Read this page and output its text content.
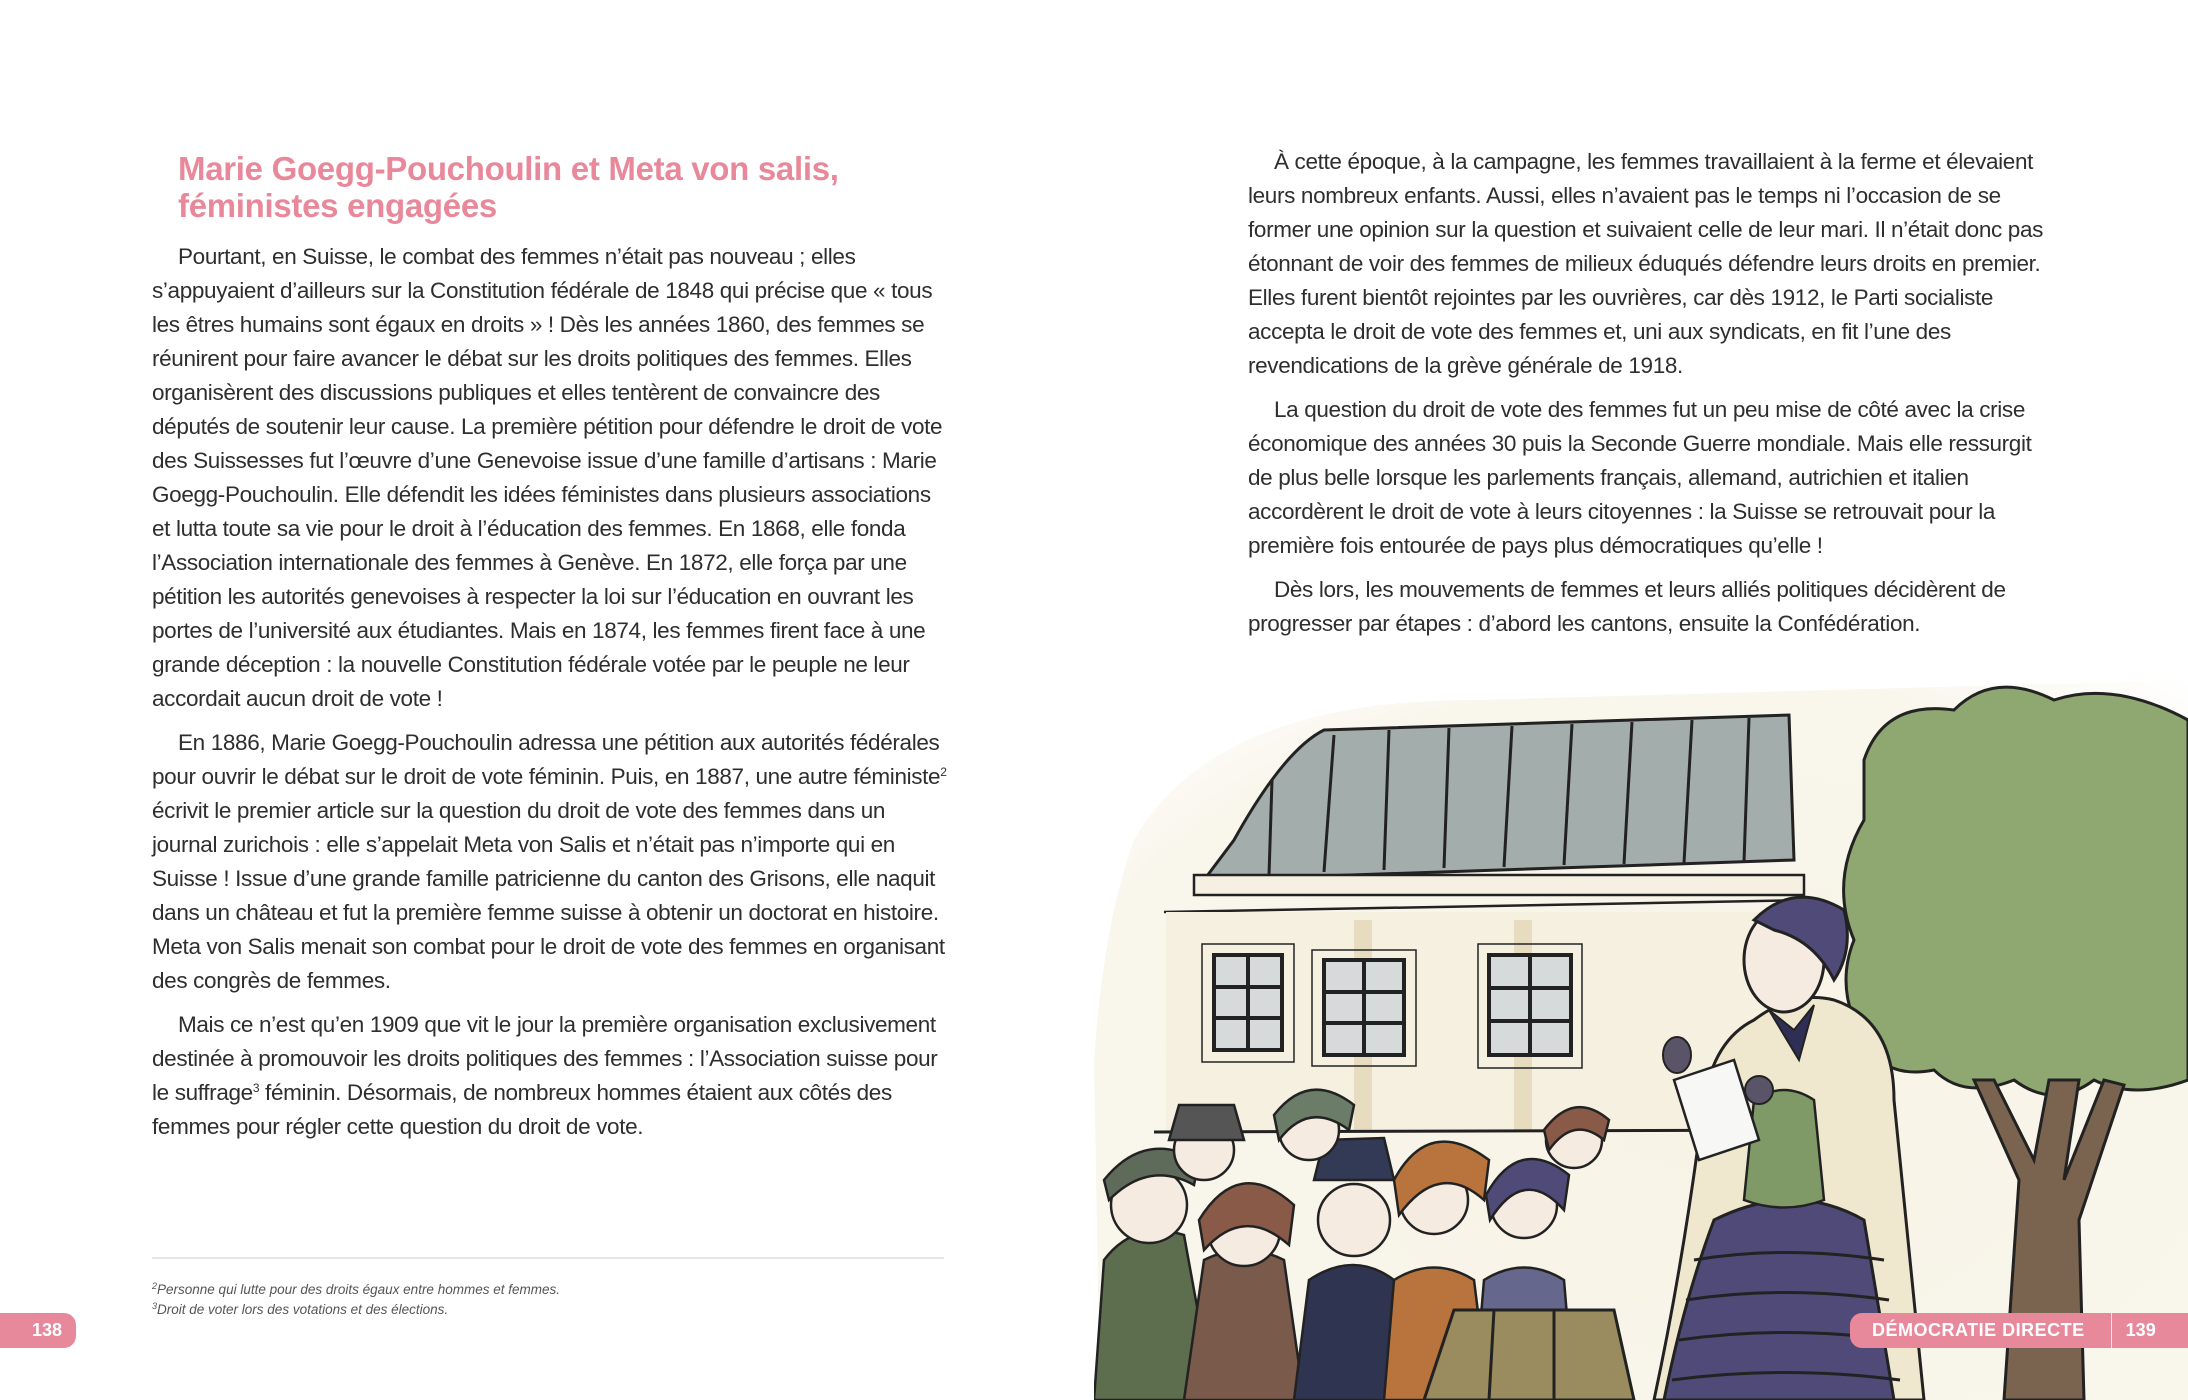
Marie Goegg-Pouchoulin et Meta von salis, féministes engagées

Pourtant, en Suisse, le combat des femmes n’était pas nouveau ; elles s’appuyaient d’ailleurs sur la Constitution fédérale de 1848 qui précise que « tous les êtres humains sont égaux en droits » ! Dès les années 1860, des femmes se réunirent pour faire avancer le débat sur les droits politiques des femmes. Elles organisèrent des discussions publiques et elles tentèrent de convaincre des députés de soutenir leur cause. La première pétition pour défendre le droit de vote des Suissesses fut l’œuvre d’une Genevoise issue d’une famille d’artisans : Marie Goegg-Pouchoulin. Elle défendit les idées féministes dans plusieurs associations et lutta toute sa vie pour le droit à l’éducation des femmes. En 1868, elle fonda l’Association internationale des femmes à Genève. En 1872, elle força par une pétition les autorités genevoises à respecter la loi sur l’éducation en ouvrant les portes de l’université aux étudiantes. Mais en 1874, les femmes firent face à une grande déception : la nouvelle Constitution fédérale votée par le peuple ne leur accordait aucun droit de vote !

En 1886, Marie Goegg-Pouchoulin adressa une pétition aux autorités fédérales pour ouvrir le débat sur le droit de vote féminin. Puis, en 1887, une autre féministe$^2$ écrivit le premier article sur la question du droit de vote des femmes dans un journal zurichois : elle s’appelait Meta von Salis et n’était pas n’importe qui en Suisse ! Issue d’une grande famille patricienne du canton des Grisons, elle naquit dans un château et fut la première femme suisse à obtenir un doctorat en histoire. Meta von Salis menait son combat pour le droit de vote des femmes en organisant des congrès de femmes.

Mais ce n’est qu’en 1909 que vit le jour la première organisation exclusivement destinée à promouvoir les droits politiques des femmes : l’Association suisse pour le suffrage$^3$ féminin. Désormais, de nombreux hommes étaient aux côtés des femmes pour régler cette question du droit de vote.

$^2$Personne qui lutte pour des droits égaux entre hommes et femmes.
$^3$Droit de voter lors des votations et des élections.
138

À cette époque, à la campagne, les femmes travaillaient à la ferme et élevaient leurs nombreux enfants. Aussi, elles n’avaient pas le temps ni l’occasion de se former une opinion sur la question et suivaient celle de leur mari. Il n’était donc pas étonnant de voir des femmes de milieux éduqués défendre leurs droits en premier. Elles furent bientôt rejointes par les ouvrières, car dès 1912, le Parti socialiste accepta le droit de vote des femmes et, uni aux syndicats, en fit l’une des revendications de la grève générale de 1918.

La question du droit de vote des femmes fut un peu mise de côté avec la crise économique des années 30 puis la Seconde Guerre mondiale. Mais elle ressurgit de plus belle lorsque les parlements français, allemand, autrichien et italien accordèrent le droit de vote à leurs citoyennes : la Suisse se retrouvait pour la première fois entourée de pays plus démocratiques qu’elle !

Dès lors, les mouvements de femmes et leurs alliés politiques décidèrent de progresser par étapes : d’abord les cantons, ensuite la Confédération.

DÉMOCRATIE DIRECTE 139
